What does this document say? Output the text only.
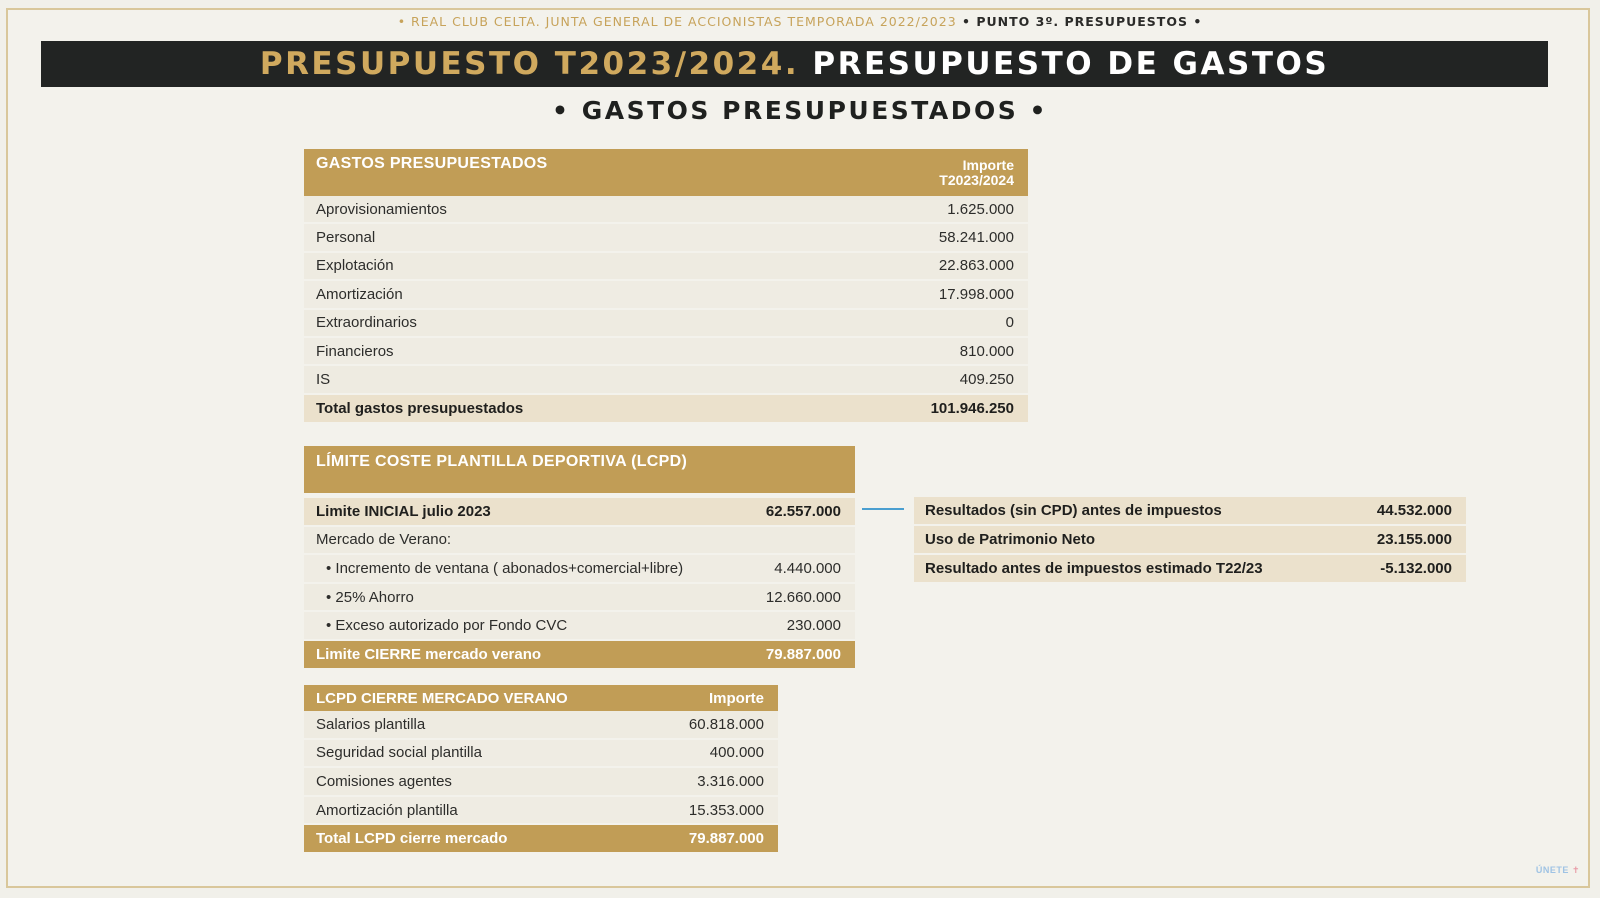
• REAL CLUB CELTA. JUNTA GENERAL DE ACCIONISTAS TEMPORADA 2022/2023 • PUNTO 3º. PRESUPUESTOS •
PRESUPUESTO T2023/2024. PRESUPUESTO DE GASTOS
• GASTOS PRESUPUESTADOS •
GASTOS PRESUPUESTADOS	Importe
T2023/2024
Aprovisionamientos	1.625.000
Personal	58.241.000
Explotación	22.863.000
Amortización	17.998.000
Extraordinarios	0
Financieros	810.000
IS	409.250
Total gastos presupuestados	101.946.250
LÍMITE COSTE PLANTILLA DEPORTIVA (LCPD)
Limite INICIAL julio 2023	62.557.000
Mercado de Verano:
• Incremento de ventana ( abonados+comercial+libre)	4.440.000
• 25% Ahorro	12.660.000
• Exceso autorizado por Fondo CVC	230.000
Limite CIERRE mercado verano	79.887.000
LCPD CIERRE MERCADO VERANO	Importe
Salarios plantilla	60.818.000
Seguridad social plantilla	400.000
Comisiones agentes	3.316.000
Amortización plantilla	15.353.000
Total LCPD cierre mercado	79.887.000
Resultados (sin CPD) antes de impuestos	44.532.000
Uso de Patrimonio Neto	23.155.000
Resultado antes de impuestos estimado T22/23	-5.132.000
ÚNETE ✝
